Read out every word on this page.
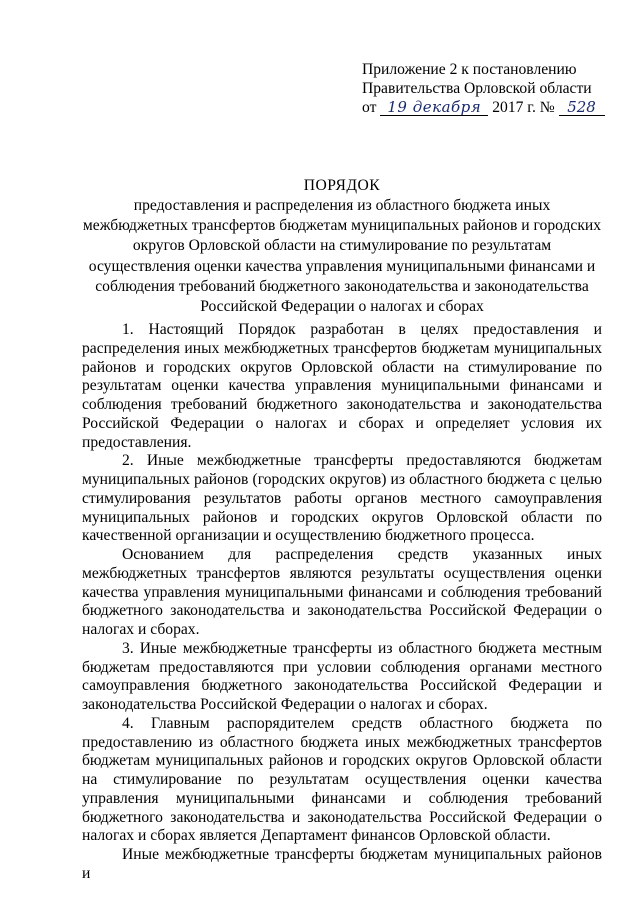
Приложение 2 к постановлению
Правительства Орловской области
от 19 декабря 2017 г. № 528
ПОРЯДОК
предоставления и распределения из областного бюджета иных межбюджетных трансфертов бюджетам муниципальных районов и городских округов Орловской области на стимулирование по результатам осуществления оценки качества управления муниципальными финансами и соблюдения требований бюджетного законодательства и законодательства Российской Федерации о налогах и сборах

1. Настоящий Порядок разработан в целях предоставления и распределения иных межбюджетных трансфертов бюджетам муниципальных районов и городских округов Орловской области на стимулирование по результатам оценки качества управления муниципальными финансами и соблюдения требований бюджетного законодательства и законодательства Российской Федерации о налогах и сборах и определяет условия их предоставления.

2. Иные межбюджетные трансферты предоставляются бюджетам муниципальных районов (городских округов) из областного бюджета с целью стимулирования результатов работы органов местного самоуправления муниципальных районов и городских округов Орловской области по качественной организации и осуществлению бюджетного процесса.

Основанием для распределения средств указанных иных межбюджетных трансфертов являются результаты осуществления оценки качества управления муниципальными финансами и соблюдения требований бюджетного законодательства и законодательства Российской Федерации о налогах и сборах.

3. Иные межбюджетные трансферты из областного бюджета местным бюджетам предоставляются при условии соблюдения органами местного самоуправления бюджетного законодательства Российской Федерации и законодательства Российской Федерации о налогах и сборах.

4. Главным распорядителем средств областного бюджета по предоставлению из областного бюджета иных межбюджетных трансфертов бюджетам муниципальных районов и городских округов Орловской области на стимулирование по результатам осуществления оценки качества управления муниципальными финансами и соблюдения требований бюджетного законодательства и законодательства Российской Федерации о налогах и сборах является Департамент финансов Орловской области.

Иные межбюджетные трансферты бюджетам муниципальных районов и
